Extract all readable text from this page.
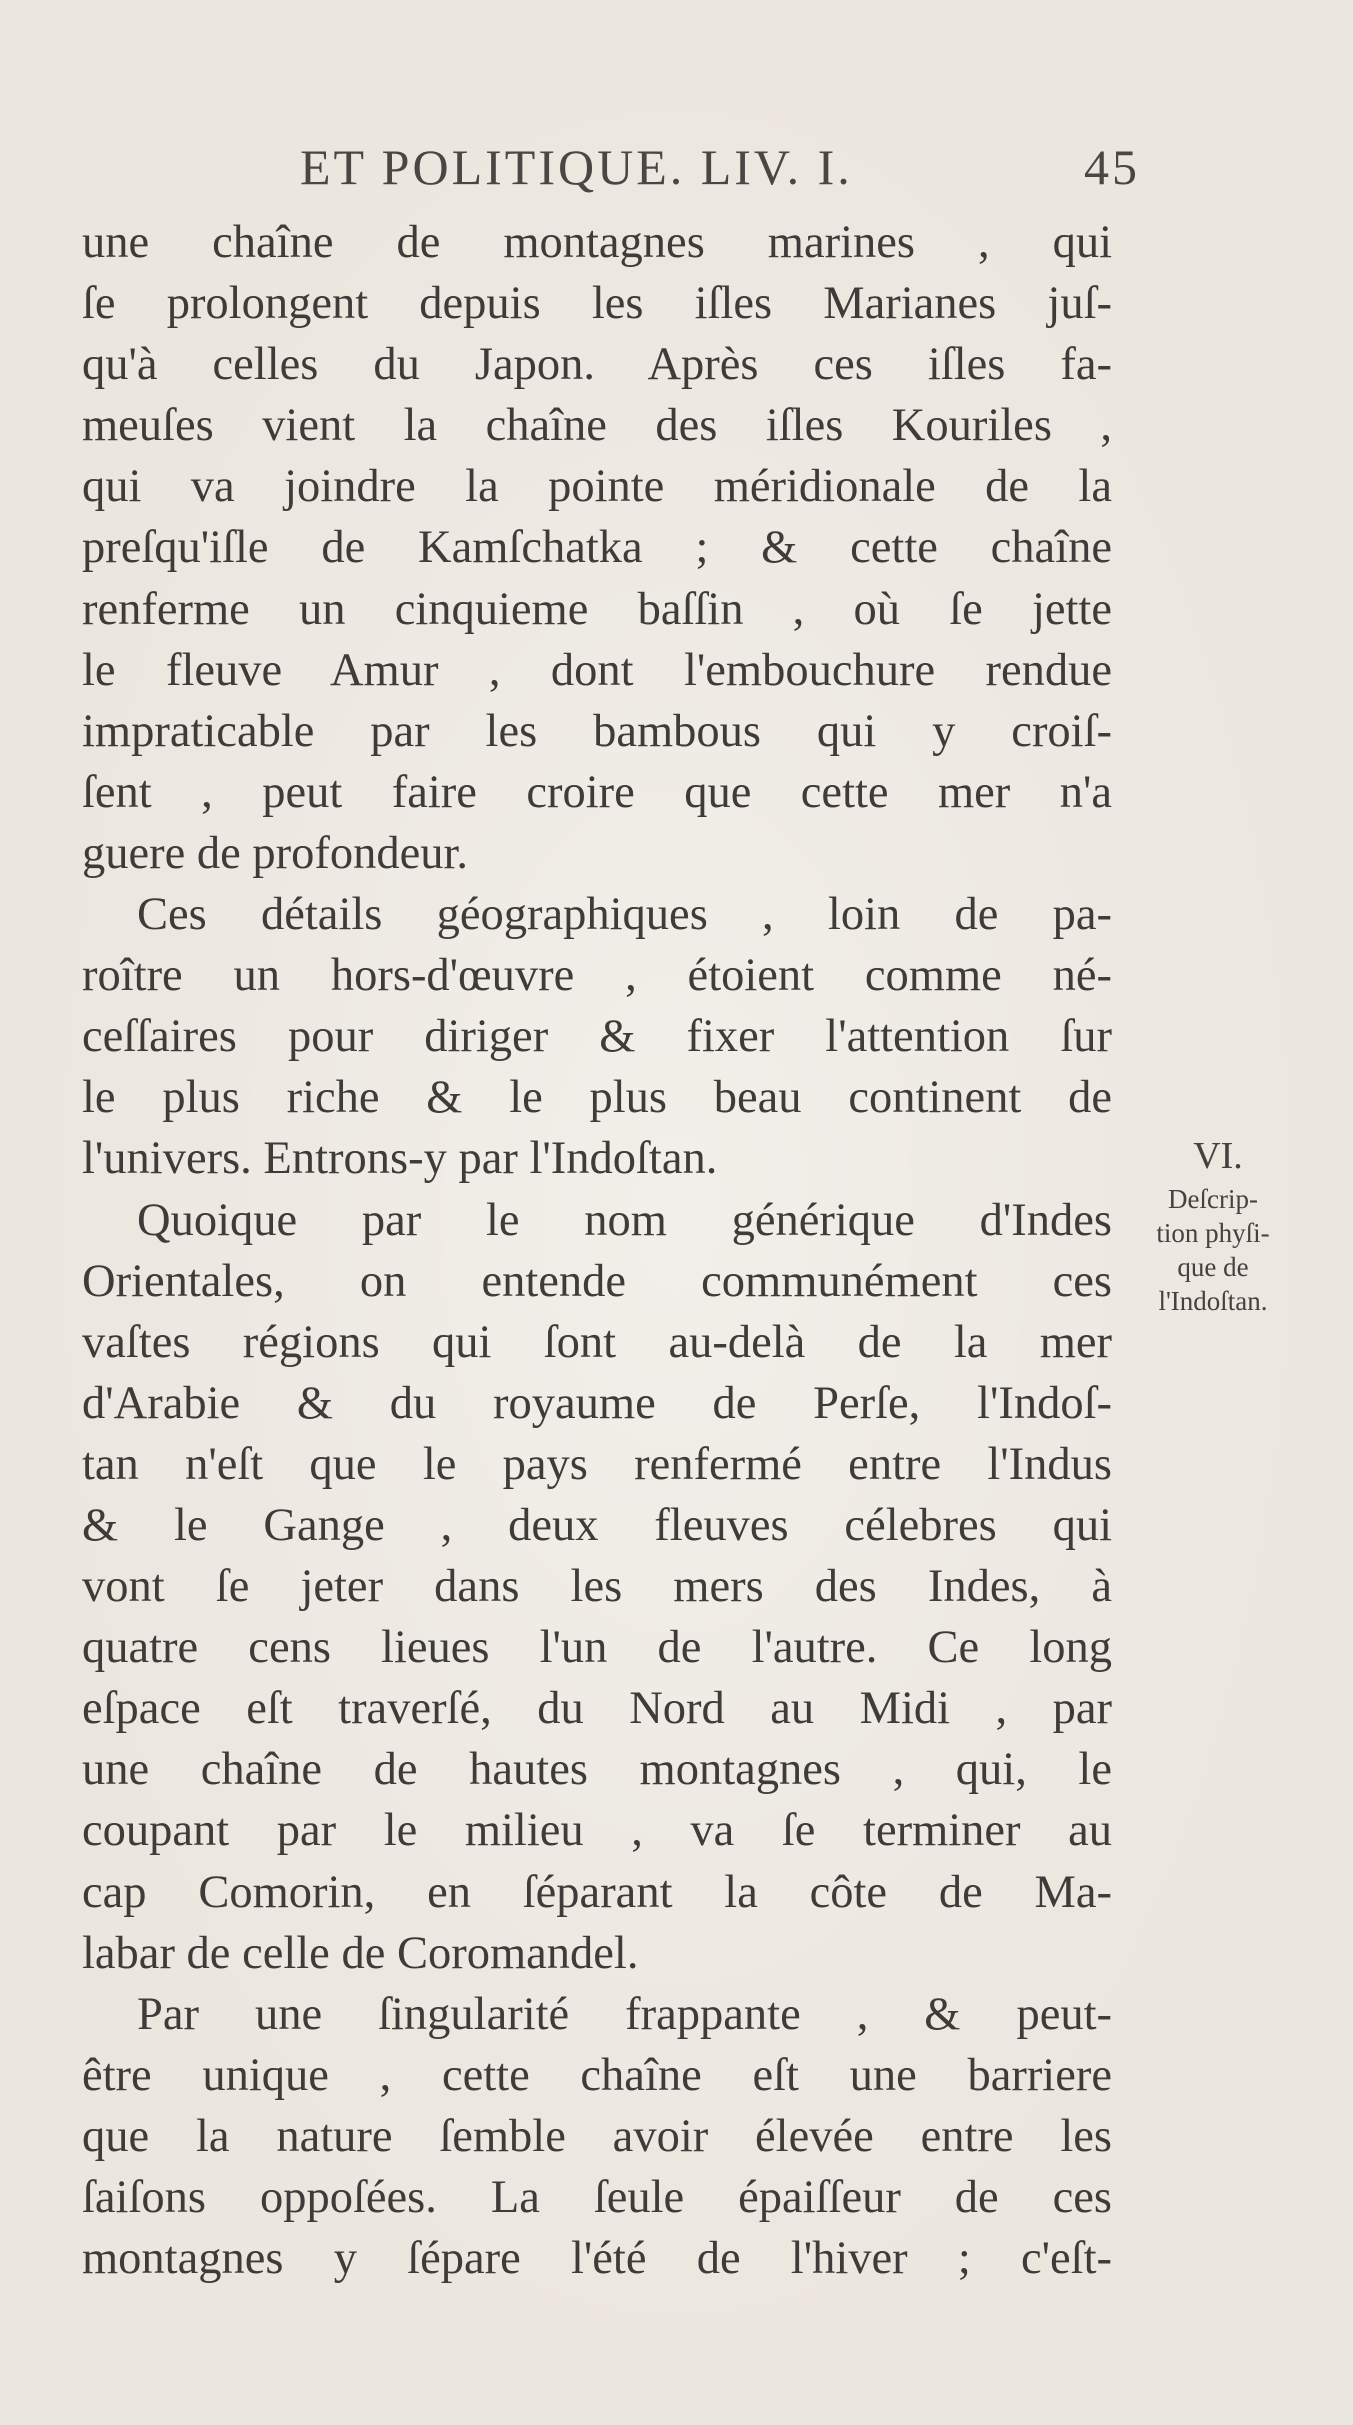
ET POLITIQUE. LIV. I.	45
une chaîne de montagnes marines , qui
ſe prolongent depuis les iſles Marianes juſ-
qu'à celles du Japon. Après ces iſles fa-
meuſes vient la chaîne des iſles Kouriles ,
qui va joindre la pointe méridionale de la
preſqu'iſle de Kamſchatka ; & cette chaîne
renferme un cinquieme baſſin , où ſe jette
le fleuve Amur , dont l'embouchure rendue
impraticable par les bambous qui y croiſ-
ſent , peut faire croire que cette mer n'a
guere de profondeur.
Ces détails géographiques , loin de pa-
roître un hors-d'œuvre , étoient comme né-
ceſſaires pour diriger & fixer l'attention ſur
le plus riche & le plus beau continent de
l'univers. Entrons-y par l'Indoſtan.
Quoique par le nom générique d'Indes
Orientales, on entende communément ces
vaſtes régions qui ſont au-delà de la mer
d'Arabie & du royaume de Perſe, l'Indoſ-
tan n'eſt que le pays renfermé entre l'Indus
& le Gange , deux fleuves célebres qui
vont ſe jeter dans les mers des Indes, à
quatre cens lieues l'un de l'autre. Ce long
eſpace eſt traverſé, du Nord au Midi , par
une chaîne de hautes montagnes , qui, le
coupant par le milieu , va ſe terminer au
cap Comorin, en ſéparant la côte de Ma-
labar de celle de Coromandel.
Par une ſingularité frappante , & peut-
être unique , cette chaîne eſt une barriere
que la nature ſemble avoir élevée entre les
ſaiſons oppoſées. La ſeule épaiſſeur de ces
montagnes y ſépare l'été de l'hiver ; c'eſt-
VI.
Deſcrip-
tion phyſi-
que de
l'Indoſtan.
